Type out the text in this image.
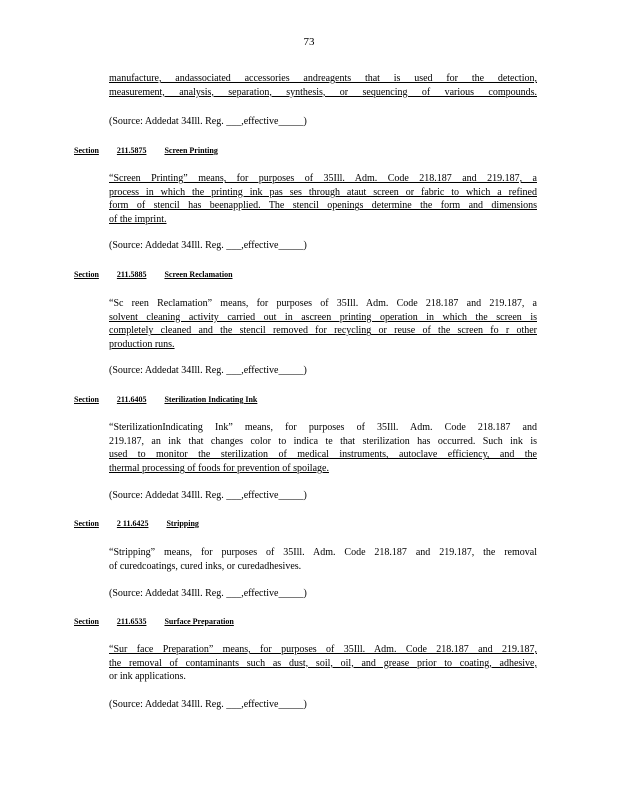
73
manufacture, andassociated accessories andreagents that is used for the detection,
measurement, analysis, separation, synthesis, or sequencing of various compounds.
(Source: Addedat 34Ill. Reg. ___,effective_____)
Section 211.5875 Screen Printing
“Screen Printing” means, for purposes of 35Ill. Adm. Code 218.187 and 219.187, a
process in which the printing ink pas ses through ataut screen or fabric to which a refined
form of stencil has beenapplied. The stencil openings determine the form and dimensions
of the imprint.
(Source: Addedat 34Ill. Reg. ___,effective_____)
Section 211.5885 Screen Reclamation
“Sc reen Reclamation” means, for purposes of 35Ill. Adm. Code 218.187 and 219.187, a
solvent cleaning activity carried out in ascreen printing operation in which the screen is
completely cleaned and the stencil removed for recycling or reuse of the screen fo r other
production runs.
(Source: Addedat 34Ill. Reg. ___,effective_____)
Section 211.6405 Sterilization Indicating Ink
“SterilizationIndicating Ink” means, for purposes of 35Ill. Adm. Code 218.187 and
219.187, an ink that changes color to indica te that sterilization has occurred. Such ink is
used to monitor the sterilization of medical instruments, autoclave efficiency, and the
thermal processing of foods for prevention of spoilage.
(Source: Addedat 34Ill. Reg. ___,effective_____)
Section 2 11.6425 Stripping
“Stripping” means, for purposes of 35Ill. Adm. Code 218.187 and 219.187, the removal
of curedcoatings, cured inks, or curedadhesives.
(Source: Addedat 34Ill. Reg. ___,effective_____)
Section 211.6535 Surface Preparation
“Sur face Preparation” means, for purposes of 35Ill. Adm. Code 218.187 and 219.187,
the removal of contaminants such as dust, soil, oil, and grease prior to coating, adhesive,
or ink applications.
(Source: Addedat 34Ill. Reg. ___,effective_____)
